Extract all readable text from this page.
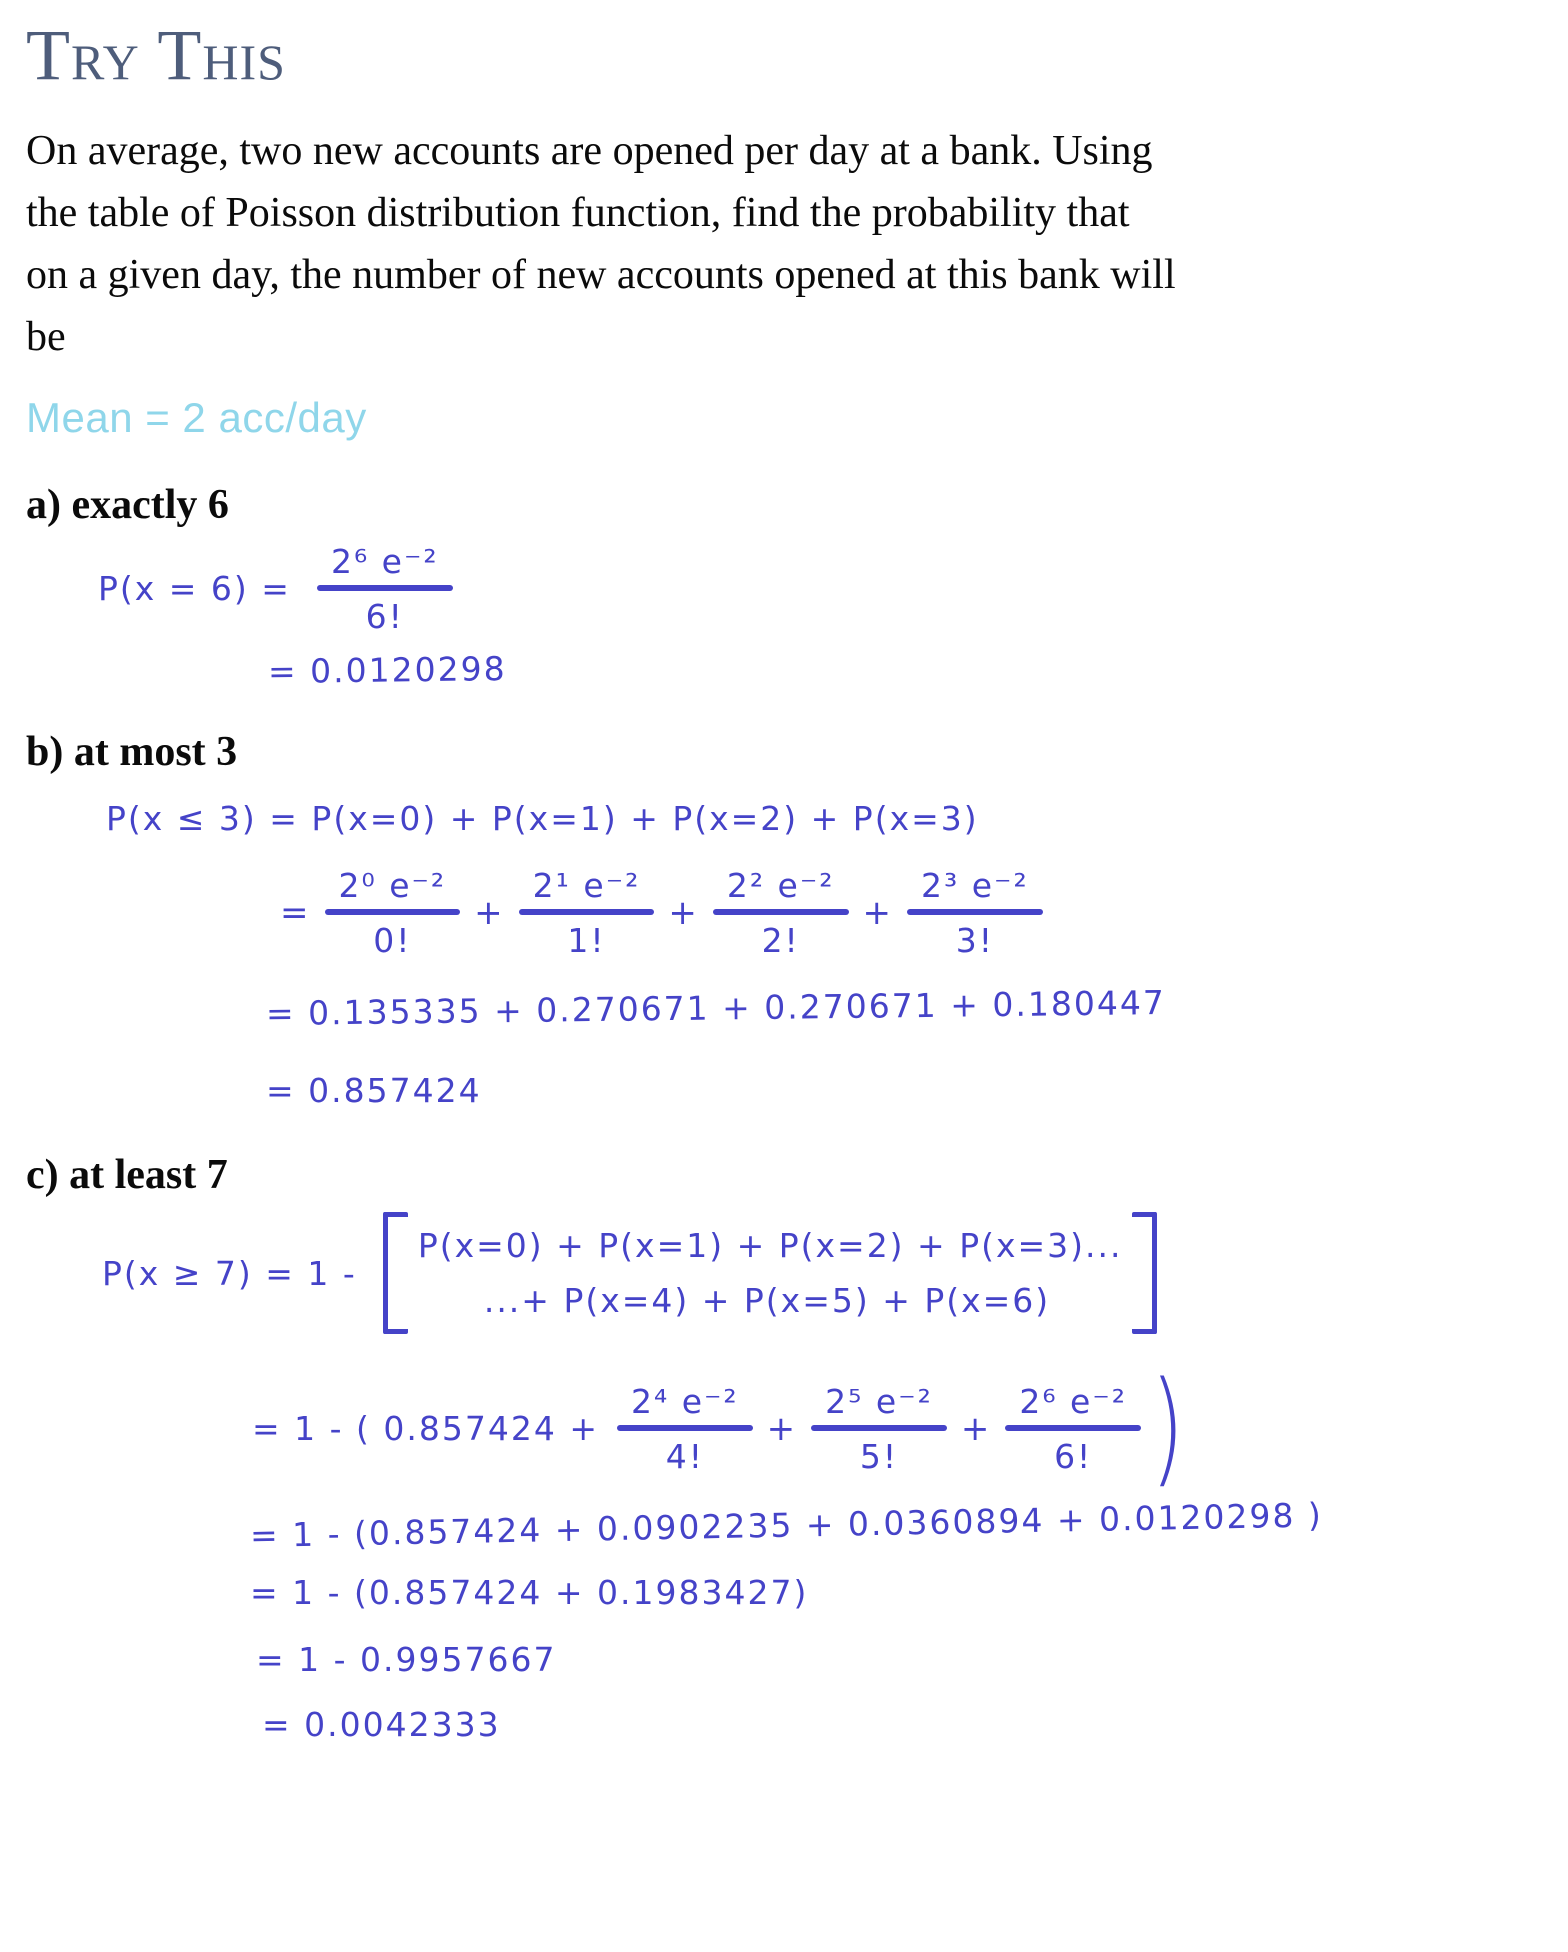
Try This

On average, two new accounts are opened per day at a bank. Using

the table of Poisson distribution function, find the probability that

on a given day, the number of new accounts opened at this bank will

be

Mean = 2 acc/day
a) exactly 6
P(x = 6) =
2⁶ e⁻²
6!
= 0.0120298
b) at most 3
P(x ≤ 3) = P(x=0) + P(x=1) + P(x=2) + P(x=3)
=
2⁰ e⁻²
0!
+
2¹ e⁻²
1!
+
2² e⁻²
2!
+
2³ e⁻²
3!
= 0.135335 + 0.270671 + 0.270671 + 0.180447
= 0.857424
c) at least 7
P(x ≥ 7) = 1 -
P(x=0) + P(x=1) + P(x=2) + P(x=3)...
...+ P(x=4) + P(x=5) + P(x=6)
= 1 - ( 0.857424 +
2⁴ e⁻²
4!
+
2⁵ e⁻²
5!
+
2⁶ e⁻²
6! )
= 1 - (0.857424 + 0.0902235 + 0.0360894 + 0.0120298 )
= 1 - (0.857424 + 0.1983427)
= 1 - 0.9957667
= 0.0042333
